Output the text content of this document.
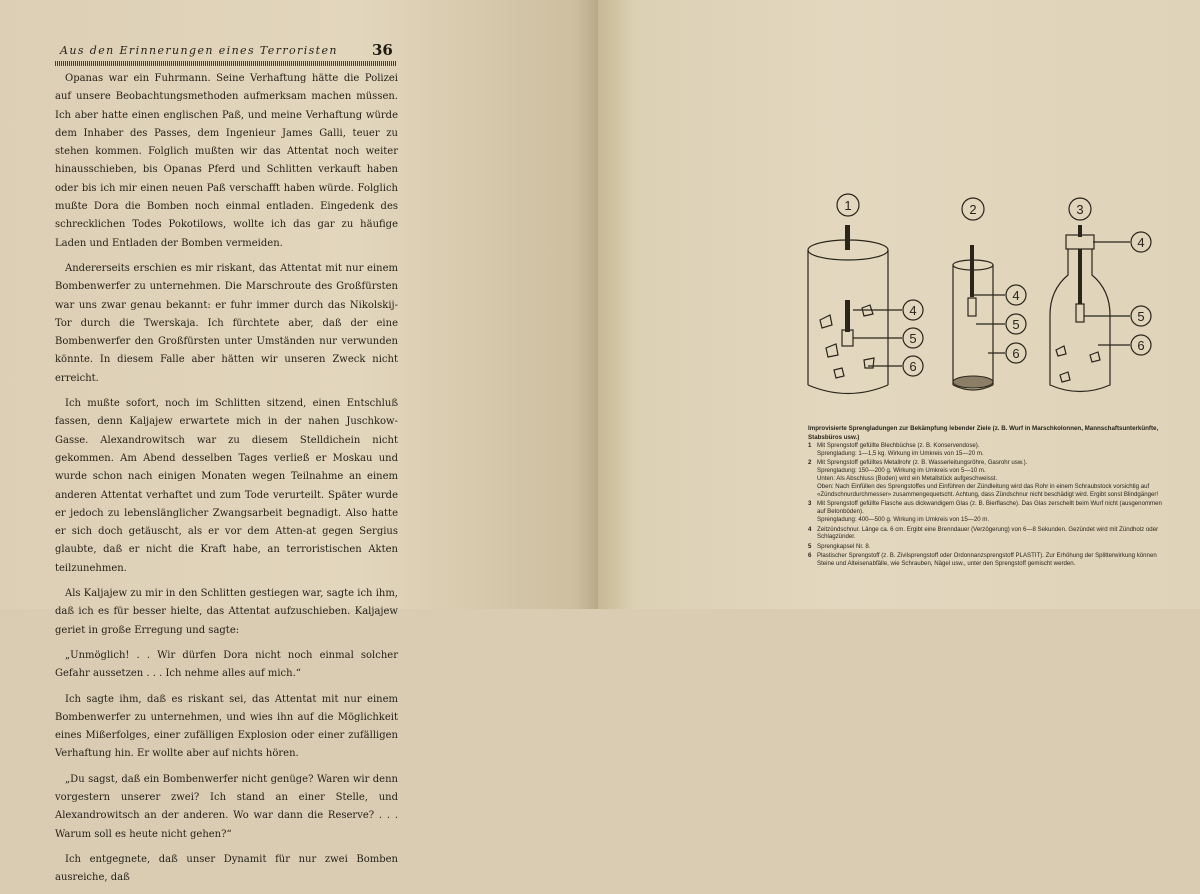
Aus den Erinnerungen eines Terroristen	36

Opanas war ein Fuhrmann. Seine Verhaftung hätte die Polizei auf unsere Beobachtungsmethoden aufmerksam machen müssen. Ich aber hatte einen englischen Paß, und meine Verhaftung würde dem Inhaber des Passes, dem Ingenieur James Galli, teuer zu stehen kommen. Folglich mußten wir das Attentat noch weiter hinausschieben, bis Opanas Pferd und Schlitten verkauft haben oder bis ich mir einen neuen Paß verschafft haben würde. Folglich mußte Dora die Bomben noch einmal entladen. Eingedenk des schrecklichen Todes Pokotilows, wollte ich das gar zu häufige Laden und Entladen der Bomben vermeiden.

Andererseits erschien es mir riskant, das Attentat mit nur einem Bombenwerfer zu unternehmen. Die Marschroute des Großfürsten war uns zwar genau bekannt: er fuhr immer durch das Nikolskij-Tor durch die Twerskaja. Ich fürchtete aber, daß der eine Bombenwerfer den Großfürsten unter Umständen nur verwunden könnte. In diesem Falle aber hätten wir unseren Zweck nicht erreicht.

Ich mußte sofort, noch im Schlitten sitzend, einen Entschluß fassen, denn Kaljajew erwartete mich in der nahen Juschkow-Gasse. Alexandrowitsch war zu diesem Stelldichein nicht gekommen. Am Abend desselben Tages verließ er Moskau und wurde schon nach einigen Monaten wegen Teilnahme an einem anderen Attentat verhaftet und zum Tode verurteilt. Später wurde er jedoch zu lebenslänglicher Zwangsarbeit begnadigt. Also hatte er sich doch getäuscht, als er vor dem Atten-at gegen Sergius glaubte, daß er nicht die Kraft habe, an terroristischen Akten teilzunehmen.

Als Kaljajew zu mir in den Schlitten gestiegen war, sagte ich ihm, daß ich es für besser hielte, das Attentat aufzuschieben. Kaljajew geriet in große Erregung und sagte:

„Unmöglich! . . Wir dürfen Dora nicht noch einmal solcher Gefahr aussetzen . . . Ich nehme alles auf mich.“

Ich sagte ihm, daß es riskant sei, das Attentat mit nur einem Bombenwerfer zu unternehmen, und wies ihn auf die Möglichkeit eines Mißerfolges, einer zufälligen Explosion oder einer zufälligen Verhaftung hin. Er wollte aber auf nichts hören.

„Du sagst, daß ein Bombenwerfer nicht genüge? Waren wir denn vorgestern unserer zwei? Ich stand an einer Stelle, und Alexandrowitsch an der anderen. Wo war dann die Reserve? . . . Warum soll es heute nicht gehen?“

Ich entgegnete, daß unser Dynamit für nur zwei Bomben ausreiche, daß

1
4
5
6
2
4
5
6
3
4
5
6
Improvisierte Sprengladungen zur Bekämpfung lebender Ziele (z. B. Wurf in Marschkolonnen, Mannschaftsunterkünfte, Stabsbüros usw.)
1 Mit Sprengstoff gefüllte Blechbüchse (z. B. Konservendose).
Sprengladung: 1—1,5 kg. Wirkung im Umkreis von 15—20 m.
2 Mit Sprengstoff gefülltes Metallrohr (z. B. Wasserleitungsröhre, Gasrohr usw.).
Sprengladung: 150—200 g. Wirkung im Umkreis von 5—10 m.
Unten: Als Abschluss (Boden) wird ein Metallstück aufgeschweisst.
Oben: Nach Einfüllen des Sprengstoffes und Einführen der Zündleitung wird das Rohr in einem Schraubstock vorsichtig auf «Zündschnurdurchmesser» zusammengequetscht. Achtung, dass Zündschnur nicht beschädigt wird. Ergibt sonst Blindgänger!
3 Mit Sprengstoff gefüllte Flasche aus dickwandigem Glas (z. B. Bierflasche). Das Glas zerschellt beim Wurf nicht (ausgenommen auf Betonböden).
Sprengladung: 400—500 g. Wirkung im Umkreis von 15—20 m.
4 Zeitzündschnur. Länge ca. 6 cm. Ergibt eine Brenndauer (Verzögerung) von 6—8 Sekunden. Gezündet wird mit Zündholz oder Schlagzünder.
5 Sprengkapsel Nr. 8.
6 Plastischer Sprengstoff (z. B. Zivilsprengstoff oder Ordonnanzsprengstoff PLASTIT). Zur Erhöhung der Splitterwirkung können Steine und Alteisenabfälle, wie Schrauben, Nägel usw., unter den Sprengstoff gemischt werden.
